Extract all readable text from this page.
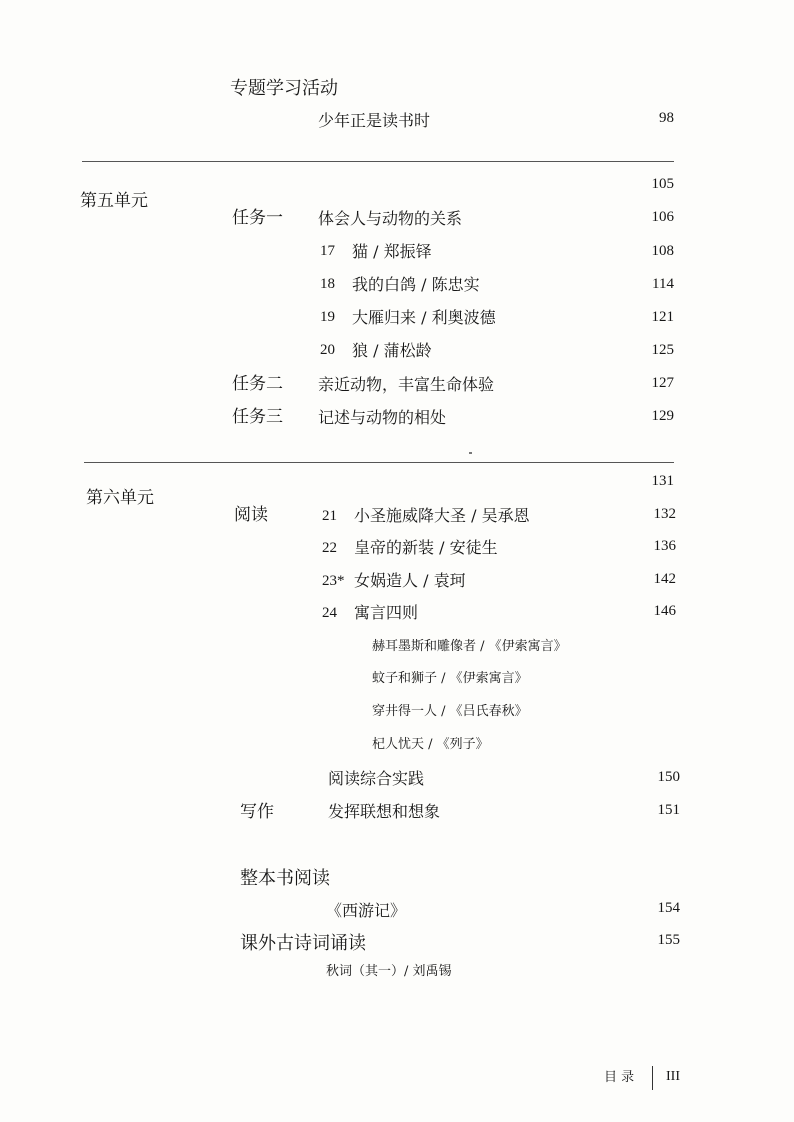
专题学习活动
少年正是读书时	98
105
第五单元
任务一 体会人与动物的关系	106
17 猫 / 郑振铎	108
18 我的白鸽 / 陈忠实	114
19 大雁归来 / 利奥波德	121
20 狼 / 蒲松龄	125
任务二 亲近动物，丰富生命体验	127
任务三 记述与动物的相处	129
131
第六单元
阅读	21 小圣施威降大圣 / 吴承恩	132
22 皇帝的新装 / 安徒生	136
23* 女娲造人 / 袁珂	142
24 寓言四则	146
赫耳墨斯和雕像者 / 《伊索寓言》
蚊子和狮子 / 《伊索寓言》
穿井得一人 / 《吕氏春秋》
杞人忧天 / 《列子》
阅读综合实践	150
写作	发挥联想和想象	151
整本书阅读
《西游记》	154
课外古诗词诵读	155
秋词（其一）/ 刘禹锡
目 录 III
